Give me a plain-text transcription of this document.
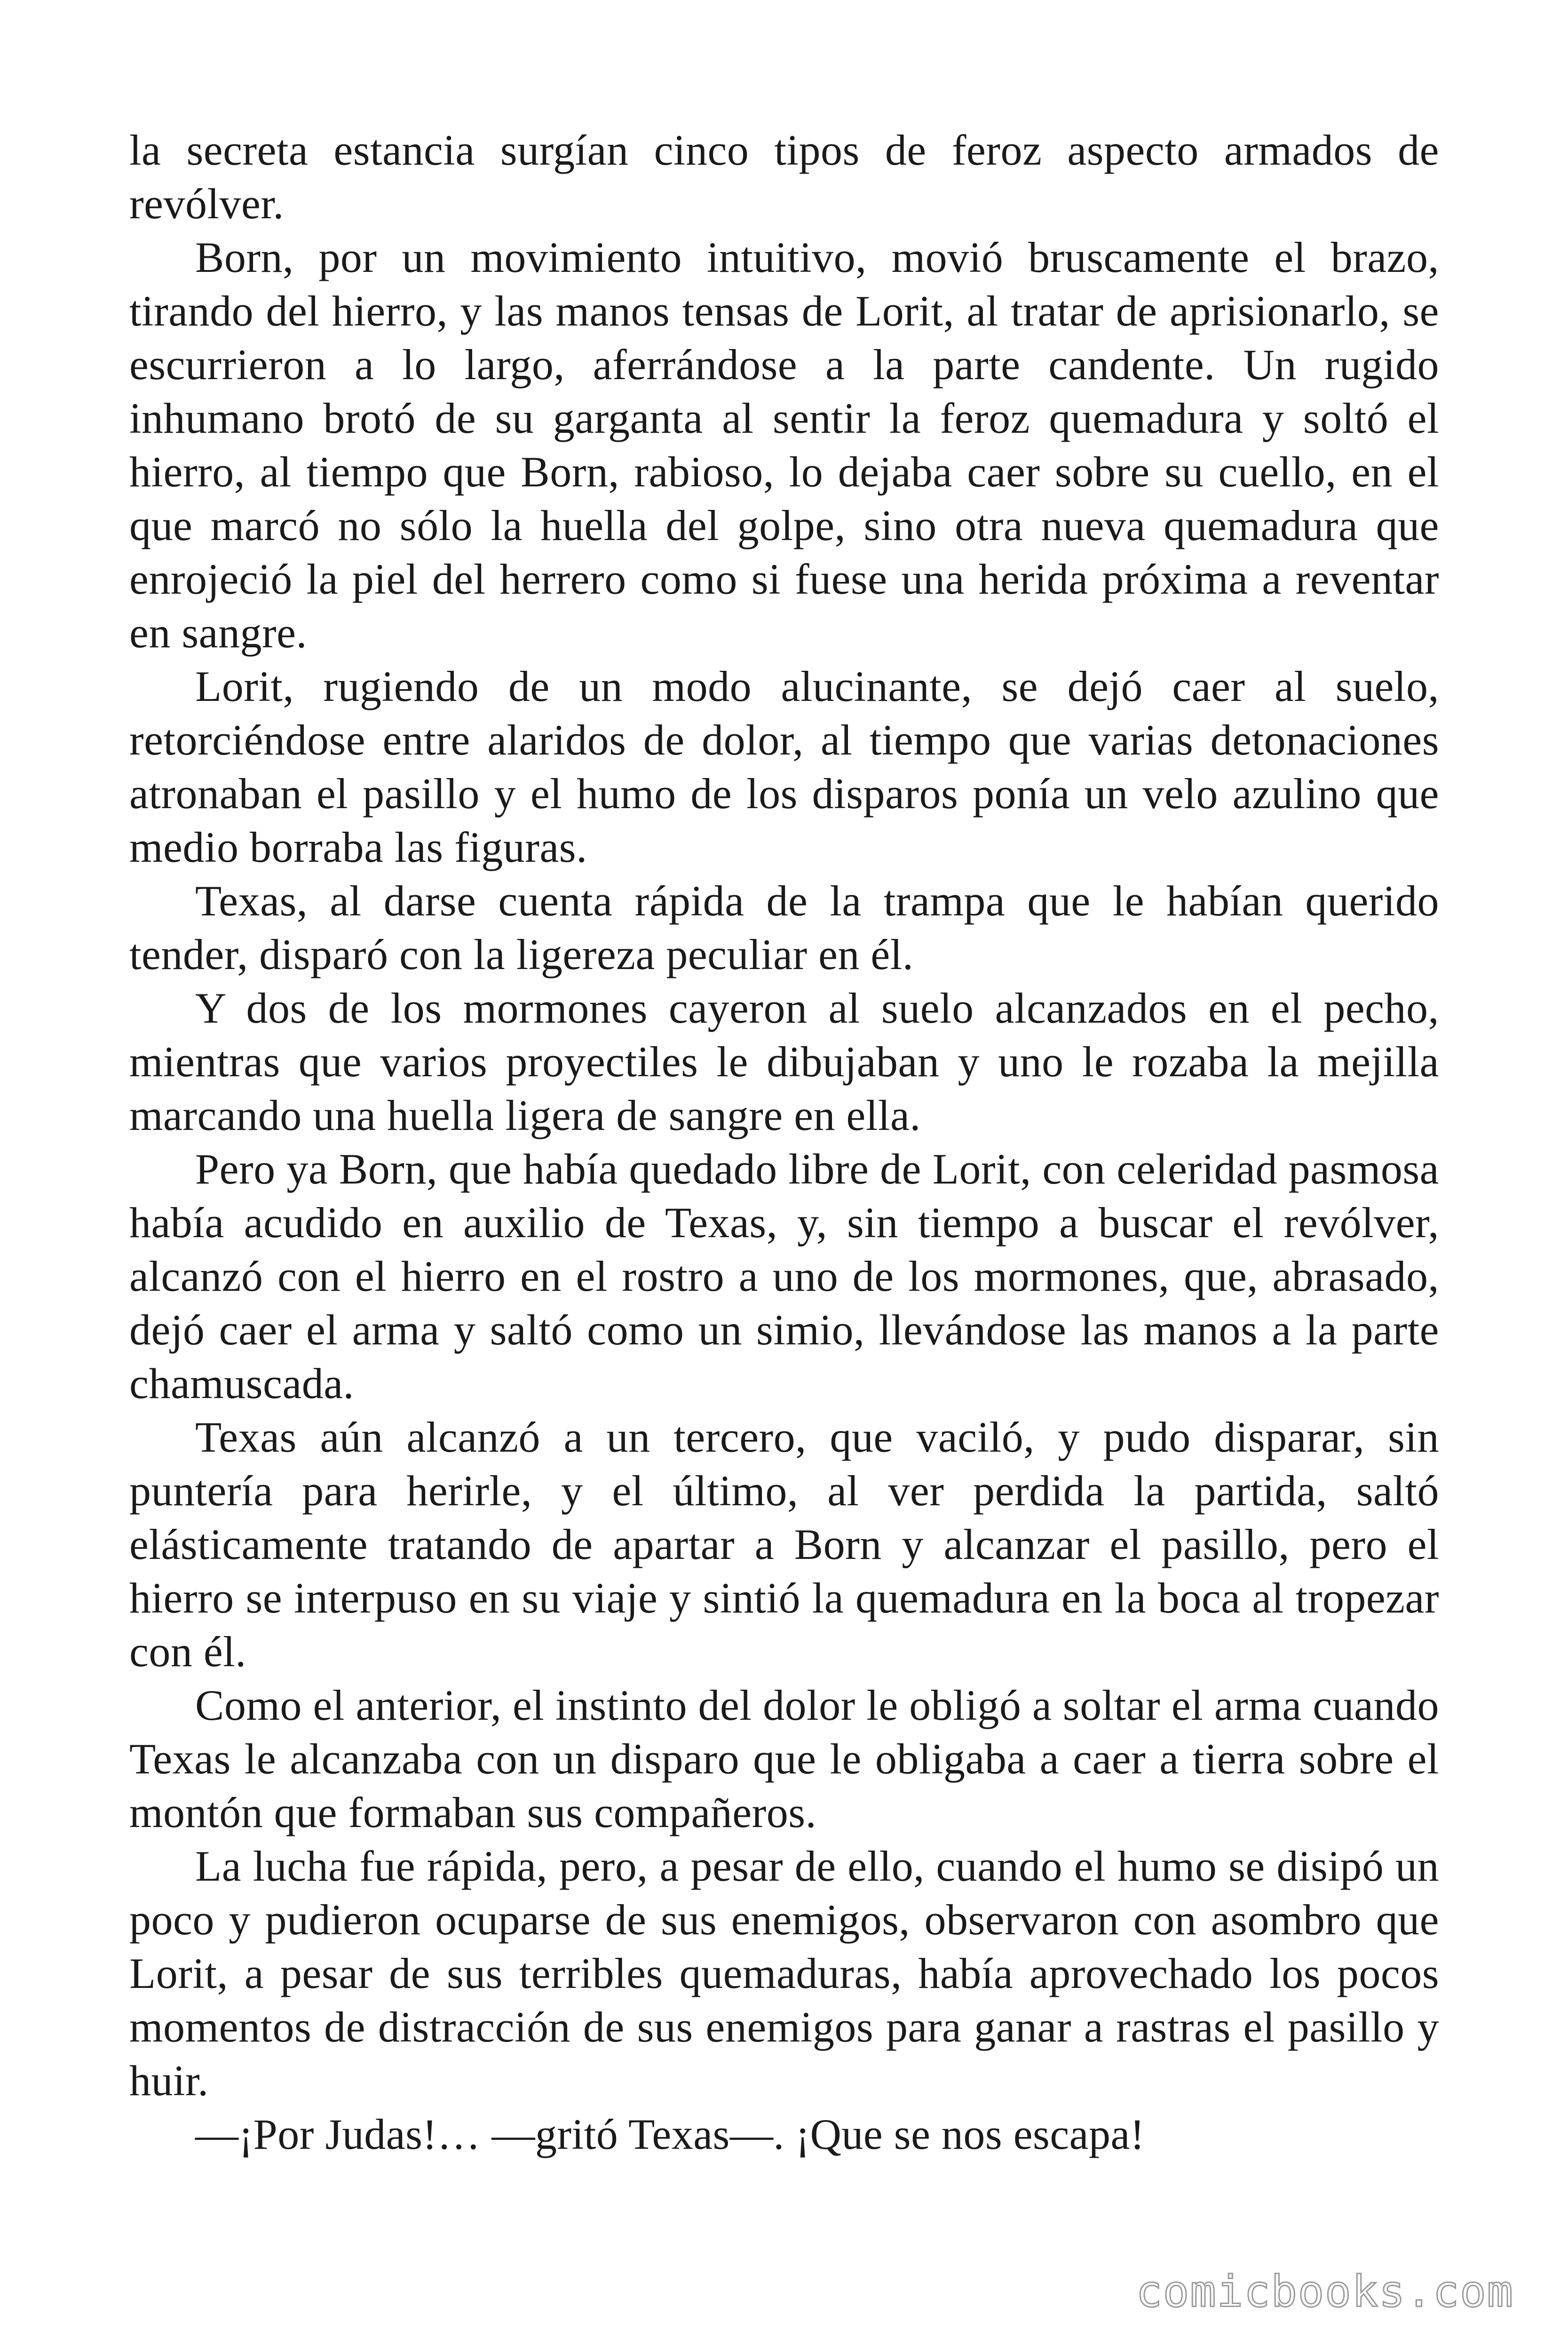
la secreta estancia surgían cinco tipos de feroz aspecto armados de revólver.

Born, por un movimiento intuitivo, movió bruscamente el brazo, tirando del hierro, y las manos tensas de Lorit, al tratar de aprisionarlo, se escurrieron a lo largo, aferrándose a la parte candente. Un rugido inhumano brotó de su garganta al sentir la feroz quemadura y soltó el hierro, al tiempo que Born, rabioso, lo dejaba caer sobre su cuello, en el que marcó no sólo la huella del golpe, sino otra nueva quemadura que enrojeció la piel del herrero como si fuese una herida próxima a reventar en sangre.

Lorit, rugiendo de un modo alucinante, se dejó caer al suelo, retorciéndose entre alaridos de dolor, al tiempo que varias detonaciones atronaban el pasillo y el humo de los disparos ponía un velo azulino que medio borraba las figuras.

Texas, al darse cuenta rápida de la trampa que le habían querido tender, disparó con la ligereza peculiar en él.

Y dos de los mormones cayeron al suelo alcanzados en el pecho, mientras que varios proyectiles le dibujaban y uno le rozaba la mejilla marcando una huella ligera de sangre en ella.

Pero ya Born, que había quedado libre de Lorit, con celeridad pasmosa había acudido en auxilio de Texas, y, sin tiempo a buscar el revólver, alcanzó con el hierro en el rostro a uno de los mormones, que, abrasado, dejó caer el arma y saltó como un simio, llevándose las manos a la parte chamuscada.

Texas aún alcanzó a un tercero, que vaciló, y pudo disparar, sin puntería para herirle, y el último, al ver perdida la partida, saltó elásticamente tratando de apartar a Born y alcanzar el pasillo, pero el hierro se interpuso en su viaje y sintió la quemadura en la boca al tropezar con él.

Como el anterior, el instinto del dolor le obligó a soltar el arma cuando Texas le alcanzaba con un disparo que le obligaba a caer a tierra sobre el montón que formaban sus compañeros.

La lucha fue rápida, pero, a pesar de ello, cuando el humo se disipó un poco y pudieron ocuparse de sus enemigos, observaron con asombro que Lorit, a pesar de sus terribles quemaduras, había aprovechado los pocos momentos de distracción de sus enemigos para ganar a rastras el pasillo y huir.

—¡Por Judas!… —gritó Texas—. ¡Que se nos escapa!

comicbooks.com
